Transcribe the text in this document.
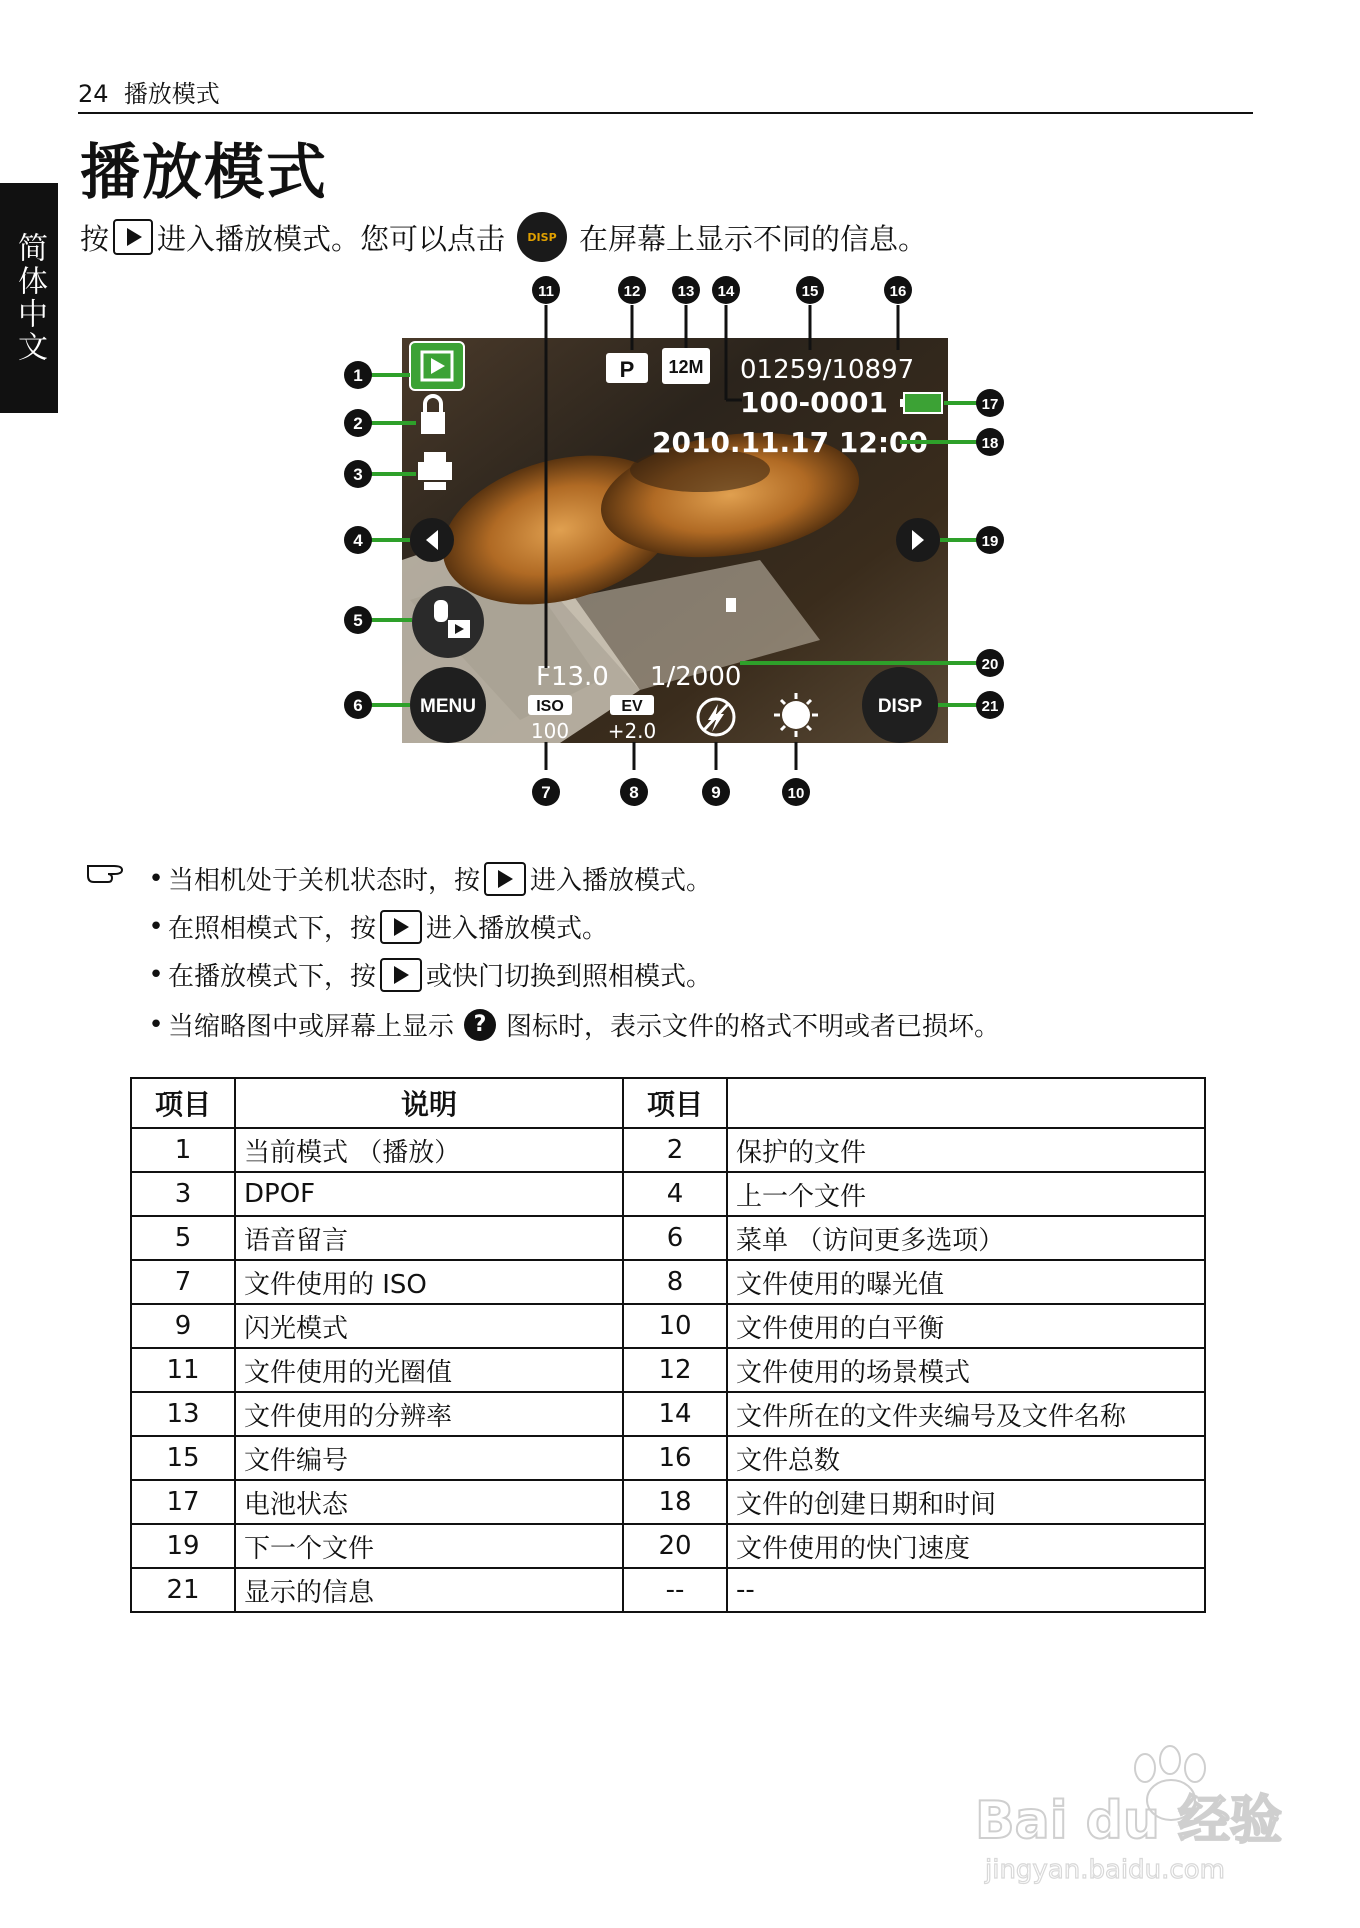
24 播放模式
简体中文
播放模式
按 进入播放模式。您可以点击	DISP 在屏幕上显示不同的信息。
MENU	DISP
P 12M 01259/10897
100-0001
2010.11.17 12:00
F13.0 1/2000
ISO
100
EV
+2.0
1
2
3
4
5
6
7	8	9	10
11	12 13 14	15	16
17
18
19
20
21
• 当相机处于关机状态时，按 进入播放模式。
• 在照相模式下，按 进入播放模式。
• 在播放模式下，按 或快门切换到照相模式。
• 当缩略图中或屏幕上显示 ? 图标时，表示文件的格式不明或者已损坏。
项目	说明	项目	
1	当前模式 （播放）	2	保护的文件
3	DPOF	4	上一个文件
5	语音留言	6	菜单 （访问更多选项）
7	文件使用的 ISO	8	文件使用的曝光值
9	闪光模式	10	文件使用的白平衡
11	文件使用的光圈值	12	文件使用的场景模式
13	文件使用的分辨率	14	文件所在的文件夹编号及文件名称
15	文件编号	16	文件总数
17	电池状态	18	文件的创建日期和时间
19	下一个文件	20	文件使用的快门速度
21	显示的信息	--	--
Bai du 经验
jingyan.baidu.com
